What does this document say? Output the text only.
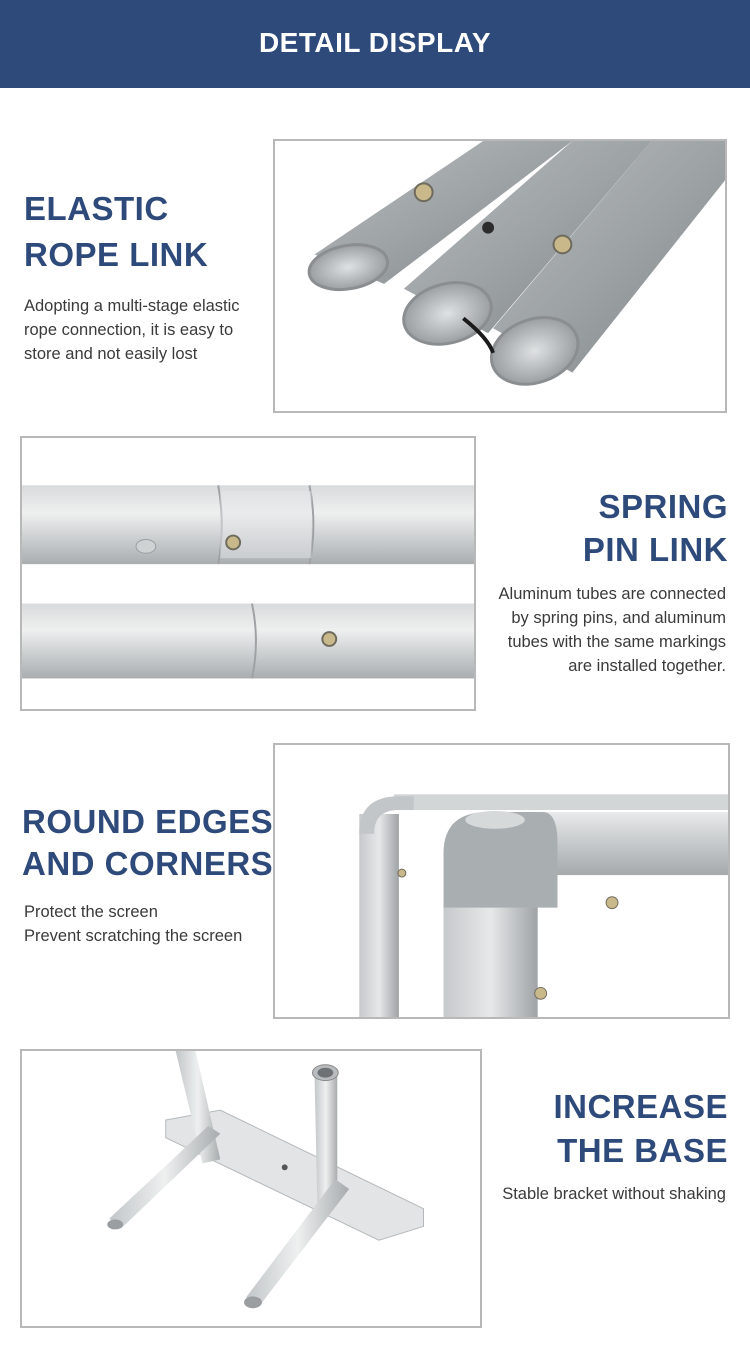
DETAIL DISPLAY
ELASTIC
ROPE LINK
Adopting a multi-stage elastic
rope connection, it is easy to
store and not easily lost
SPRING
PIN LINK
Aluminum tubes are connected
by spring pins, and aluminum
tubes with the same markings
are installed together.
ROUND EDGES
AND CORNERS
Protect the screen
Prevent scratching the screen
INCREASE
THE BASE
Stable bracket without shaking
